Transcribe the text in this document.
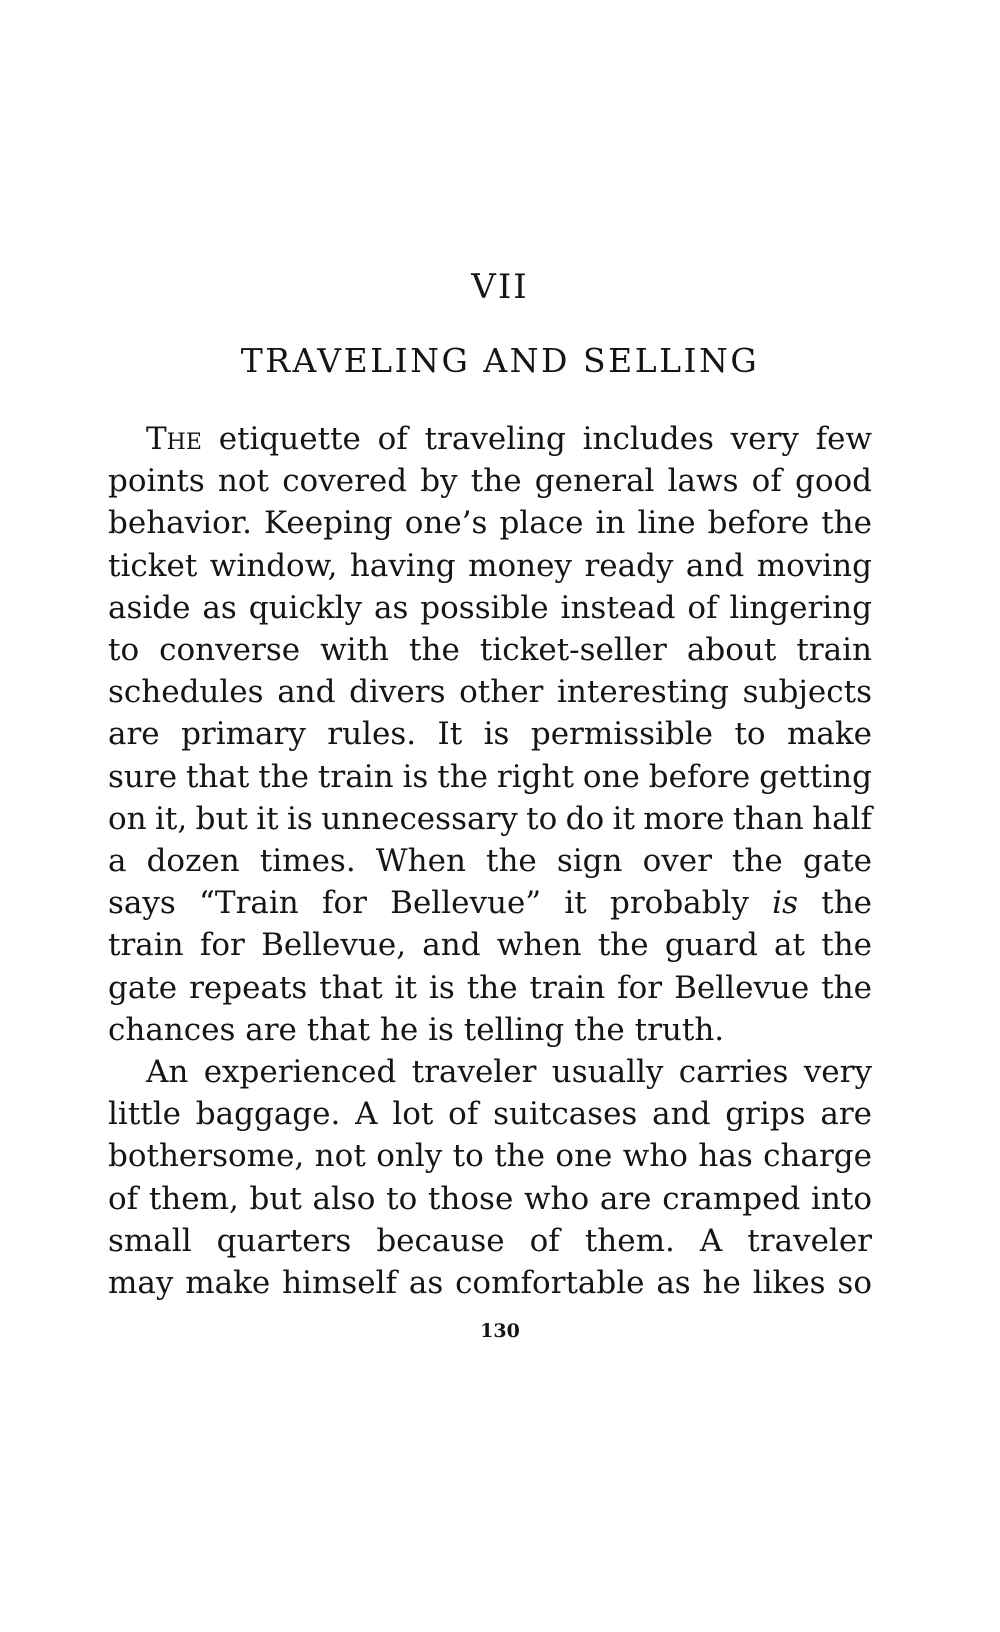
VII
TRAVELING AND SELLING

The etiquette of traveling includes very few
points not covered by the general laws of good
behavior. Keeping one’s place in line before the
ticket window, having money ready and moving
aside as quickly as possible instead of lingering
to converse with the ticket-seller about train
schedules and divers other interesting subjects
are primary rules. It is permissible to make
sure that the train is the right one before getting
on it, but it is unnecessary to do it more than half
a dozen times. When the sign over the gate
says “Train for Bellevue” it probably is the
train for Bellevue, and when the guard at the
gate repeats that it is the train for Bellevue the
chances are that he is telling the truth.

An experienced traveler usually carries very
little baggage. A lot of suitcases and grips are
bothersome, not only to the one who has charge
of them, but also to those who are cramped into
small quarters because of them. A traveler
may make himself as comfortable as he likes so

130
